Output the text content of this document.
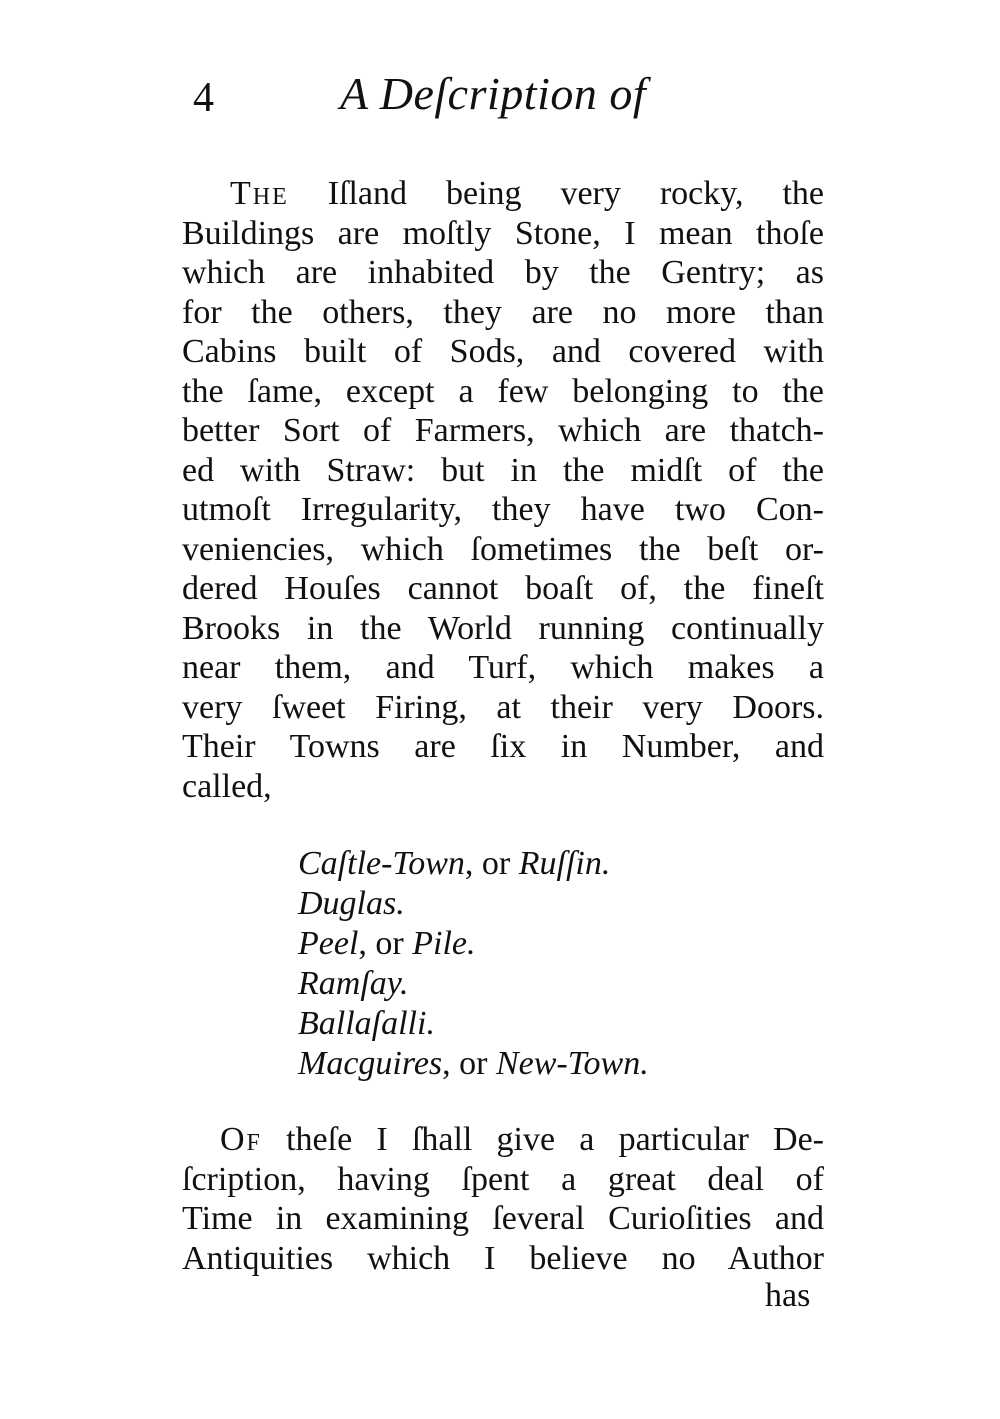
4	A Deſcription of
The Iſland being very rocky, the
Buildings are moſtly Stone, I mean thoſe
which are inhabited by the Gentry; as
for the others, they are no more than
Cabins built of Sods, and covered with
the ſame, except a few belonging to the
better Sort of Farmers, which are thatch-
ed with Straw: but in the midſt of the
utmoſt Irregularity, they have two Con-
veniencies, which ſometimes the beſt or-
dered Houſes cannot boaſt of, the fineſt
Brooks in the World running continually
near them, and Turf, which makes a
very ſweet Firing, at their very Doors.
Their Towns are ſix in Number, and
called,
Caſtle-Town, or Ruſſin.
Duglas.
Peel, or Pile.
Ramſay.
Ballaſalli.
Macguires, or New-Town.
Of theſe I ſhall give a particular De-
ſcription, having ſpent a great deal of
Time in examining ſeveral Curioſities and
Antiquities which I believe no Author
has
